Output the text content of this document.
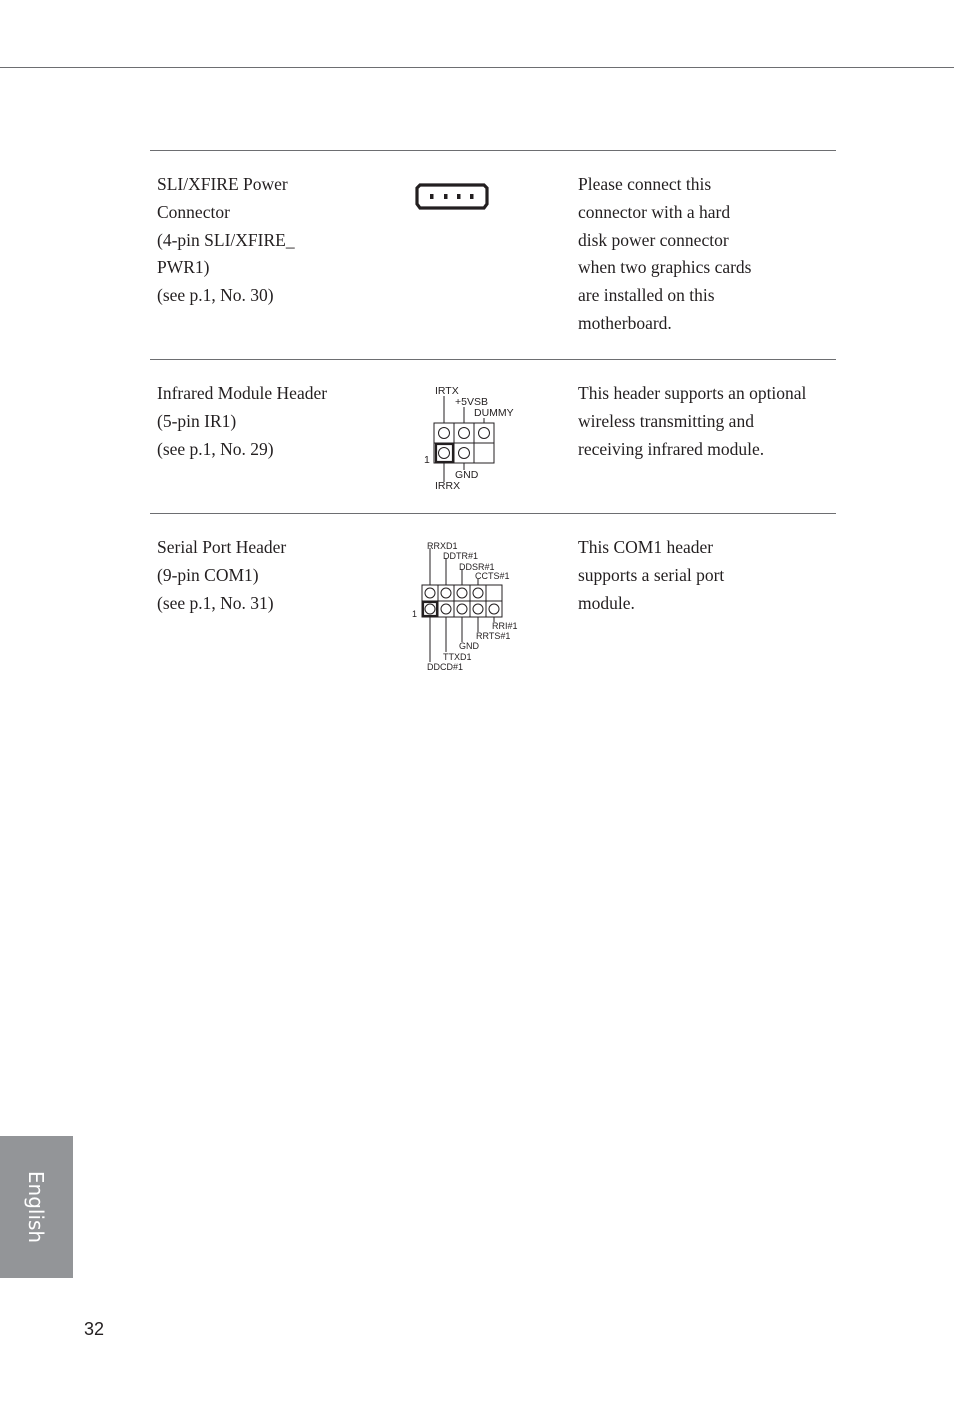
SLI/XFIRE Power
Connector
(4-pin SLI/XFIRE_
PWR1)
(see p.1, No. 30)
Please connect this
connector with a hard
disk power connector
when two graphics cards
are installed on this
motherboard.
Infrared Module Header
(5-pin IR1)
(see p.1, No. 29)
IRTX
+5VSB
DUMMY
1
GND
IRRX
This header supports an optional
wireless transmitting and
receiving infrared module.
Serial Port Header
(9-pin COM1)
(see p.1, No. 31)
RRXD1
DDTR#1
DDSR#1
CCTS#1
1
RRI#1
RRTS#1
GND
TTXD1
DDCD#1
This COM1 header
supports a serial port
module.
English
32
